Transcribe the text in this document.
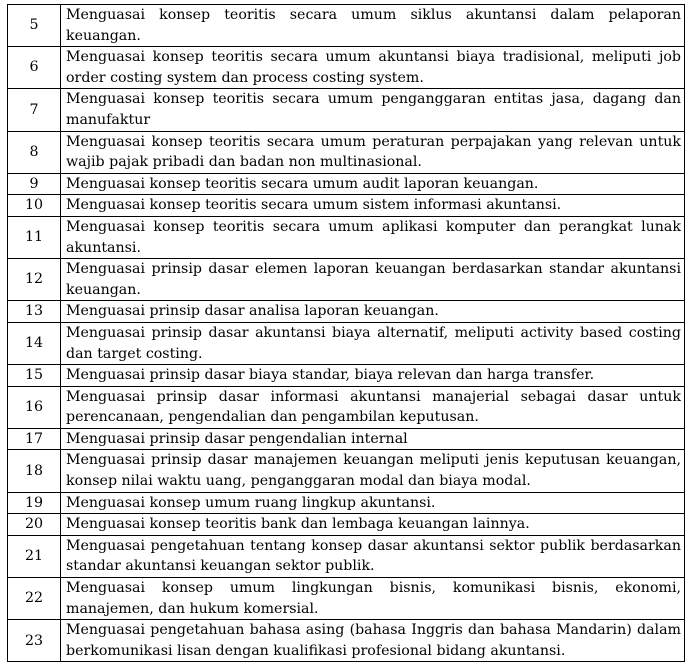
5	Menguasai konsep teoritis secara umum siklus akuntansi dalam pelaporan keuangan.
6	Menguasai konsep teoritis secara umum akuntansi biaya tradisional, meliputi job order costing system dan process costing system.
7	Menguasai konsep teoritis secara umum penganggaran entitas jasa, dagang dan manufaktur
8	Menguasai konsep teoritis secara umum peraturan perpajakan yang relevan untuk wajib pajak pribadi dan badan non multinasional.
9	Menguasai konsep teoritis secara umum audit laporan keuangan.
10	Menguasai konsep teoritis secara umum sistem informasi akuntansi.
11	Menguasai konsep teoritis secara umum aplikasi komputer dan perangkat lunak akuntansi.
12	Menguasai prinsip dasar elemen laporan keuangan berdasarkan standar akuntansi keuangan.
13	Menguasai prinsip dasar analisa laporan keuangan.
14	Menguasai prinsip dasar akuntansi biaya alternatif, meliputi activity based costing dan target costing.
15	Menguasai prinsip dasar biaya standar, biaya relevan dan harga transfer.
16	Menguasai prinsip dasar informasi akuntansi manajerial sebagai dasar untuk perencanaan, pengendalian dan pengambilan keputusan.
17	Menguasai prinsip dasar pengendalian internal
18	Menguasai prinsip dasar manajemen keuangan meliputi jenis keputusan keuangan, konsep nilai waktu uang, penganggaran modal dan biaya modal.
19	Menguasai konsep umum ruang lingkup akuntansi.
20	Menguasai konsep teoritis bank dan lembaga keuangan lainnya.
21	Menguasai pengetahuan tentang konsep dasar akuntansi sektor publik berdasarkan standar akuntansi keuangan sektor publik.
22	Menguasai konsep umum lingkungan bisnis, komunikasi bisnis, ekonomi, manajemen, dan hukum komersial.
23	Menguasai pengetahuan bahasa asing (bahasa Inggris dan bahasa Mandarin) dalam berkomunikasi lisan dengan kualifikasi profesional bidang akuntansi.
